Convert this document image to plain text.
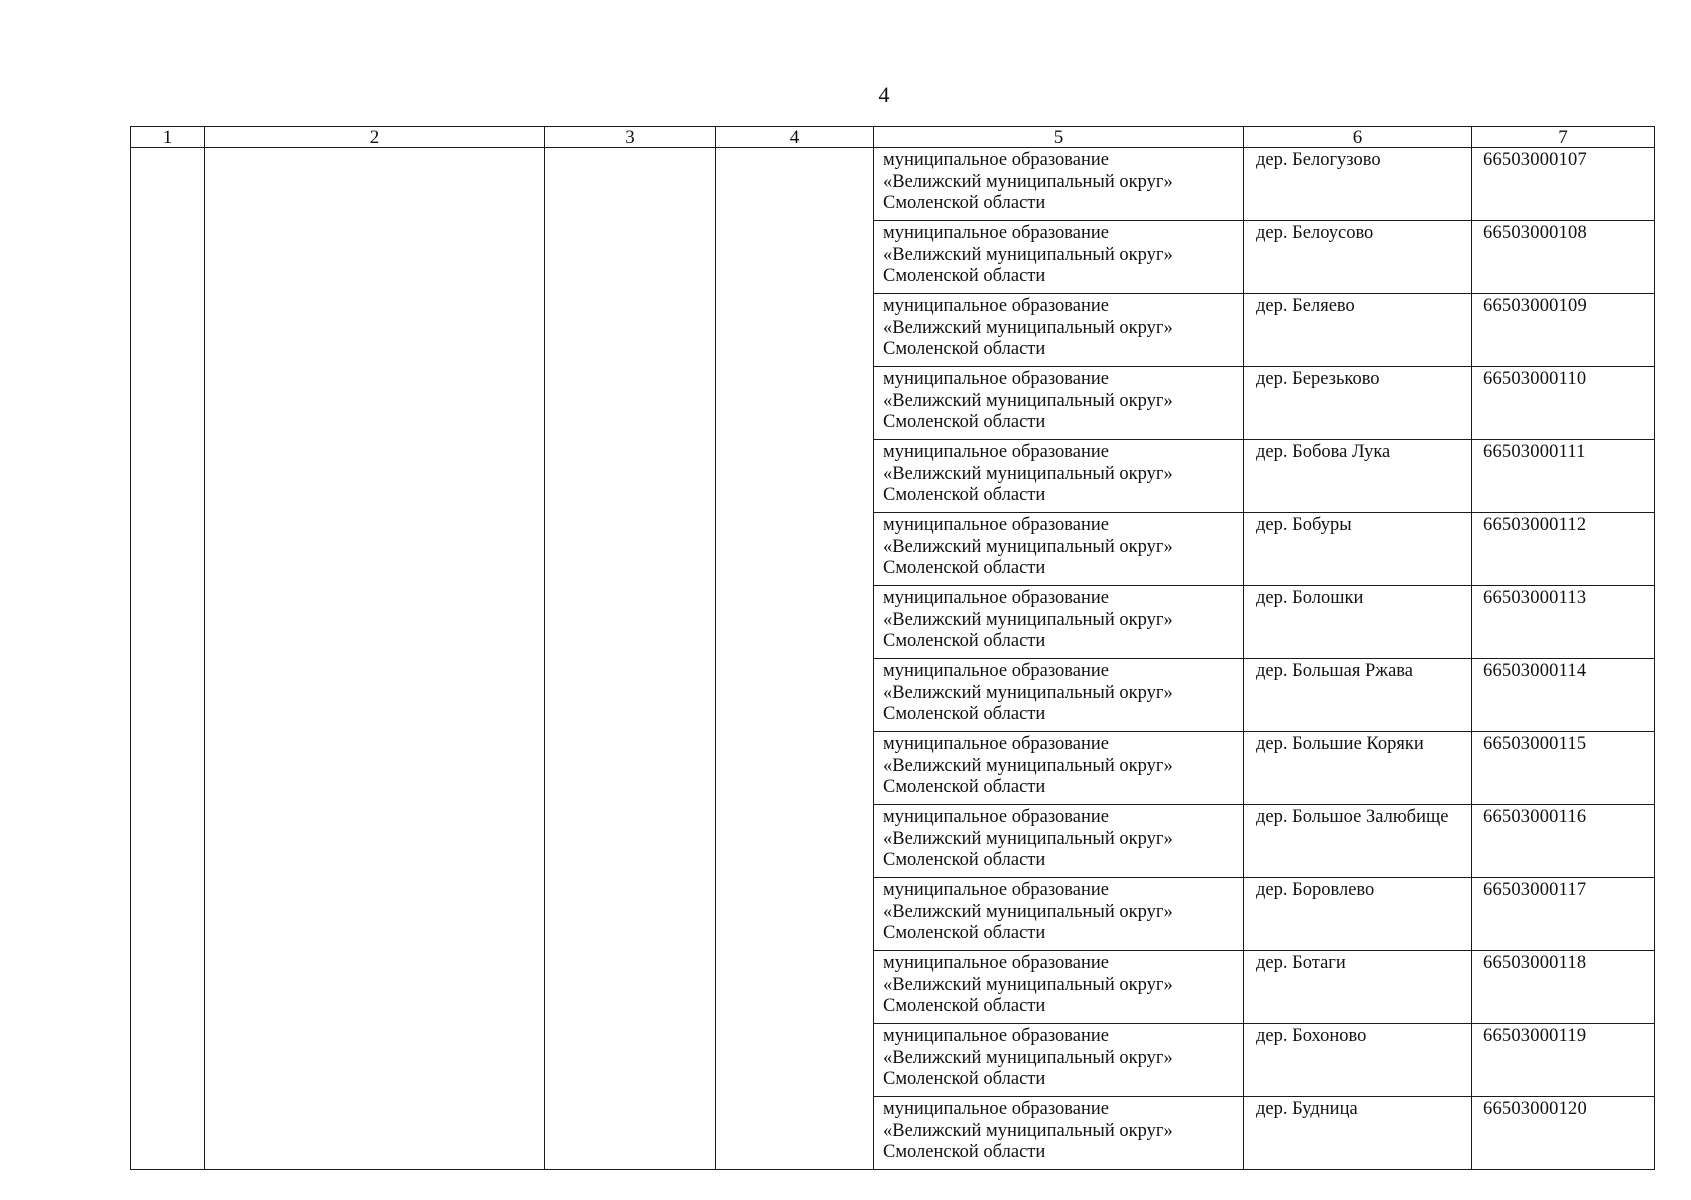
4
1	2	3	4	5	6	7

				муниципальное образование
«Велижский муниципальный округ»
Смоленской области	дер. Белогузово	66503000107

				муниципальное образование
«Велижский муниципальный округ»
Смоленской области	дер. Белоусово	66503000108

				муниципальное образование
«Велижский муниципальный округ»
Смоленской области	дер. Беляево	66503000109

				муниципальное образование
«Велижский муниципальный округ»
Смоленской области	дер. Березьково	66503000110

				муниципальное образование
«Велижский муниципальный округ»
Смоленской области	дер. Бобова Лука	66503000111

				муниципальное образование
«Велижский муниципальный округ»
Смоленской области	дер. Бобуры	66503000112

				муниципальное образование
«Велижский муниципальный округ»
Смоленской области	дер. Болошки	66503000113

				муниципальное образование
«Велижский муниципальный округ»
Смоленской области	дер. Большая Ржава	66503000114

				муниципальное образование
«Велижский муниципальный округ»
Смоленской области	дер. Большие Коряки	66503000115

				муниципальное образование
«Велижский муниципальный округ»
Смоленской области	дер. Большое Залюбище	66503000116

				муниципальное образование
«Велижский муниципальный округ»
Смоленской области	дер. Боровлево	66503000117

				муниципальное образование
«Велижский муниципальный округ»
Смоленской области	дер. Ботаги	66503000118

				муниципальное образование
«Велижский муниципальный округ»
Смоленской области	дер. Бохоново	66503000119

				муниципальное образование
«Велижский муниципальный округ»
Смоленской области	дер. Будница	66503000120
